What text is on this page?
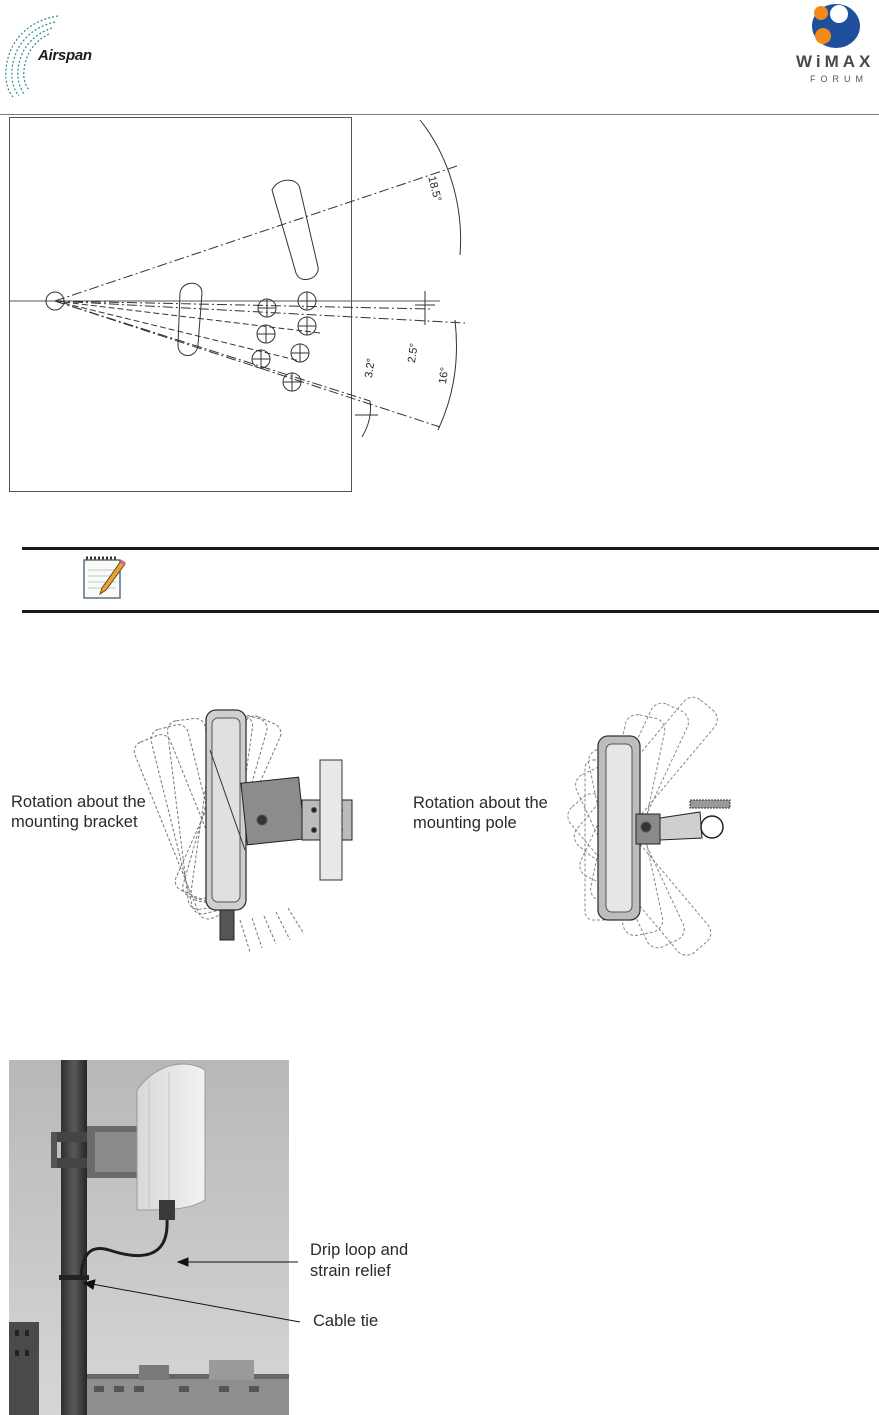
Airspan	WiMAX
FORUM
18.5°
3.2°
2.5°
16°
Rotation about the
mounting bracket
Rotation about the
mounting pole
Drip loop and
strain relief
Cable tie
